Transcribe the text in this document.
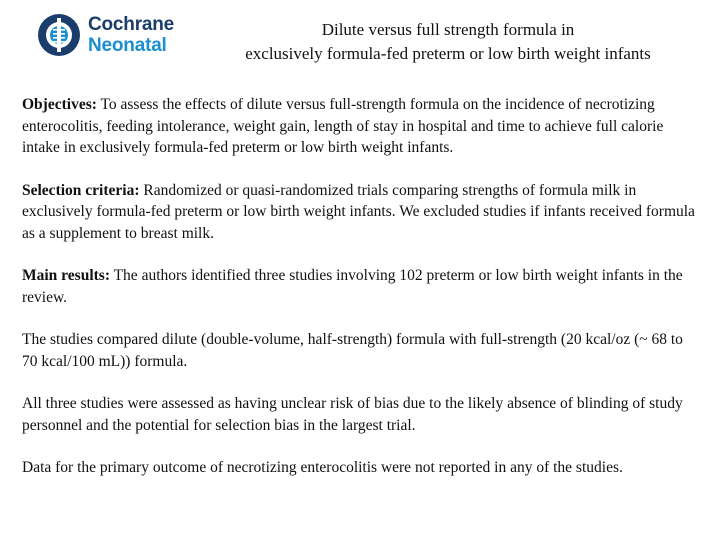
Cochrane
Neonatal
Dilute versus full strength formula in
exclusively formula-fed preterm or low birth weight infants

Objectives: To assess the effects of dilute versus full-strength formula on the incidence of necrotizing enterocolitis, feeding intolerance, weight gain, length of stay in hospital and time to achieve full calorie intake in exclusively formula-fed preterm or low birth weight infants.

Selection criteria: Randomized or quasi-randomized trials comparing strengths of formula milk in exclusively formula-fed preterm or low birth weight infants. We excluded studies if infants received formula as a supplement to breast milk.

Main results: The authors identified three studies involving 102 preterm or low birth weight infants in the review.

The studies compared dilute (double-volume, half-strength) formula with full-strength (20 kcal/oz (~ 68 to 70 kcal/100 mL)) formula.

All three studies were assessed as having unclear risk of bias due to the likely absence of blinding of study personnel and the potential for selection bias in the largest trial.

Data for the primary outcome of necrotizing enterocolitis were not reported in any of the studies.
